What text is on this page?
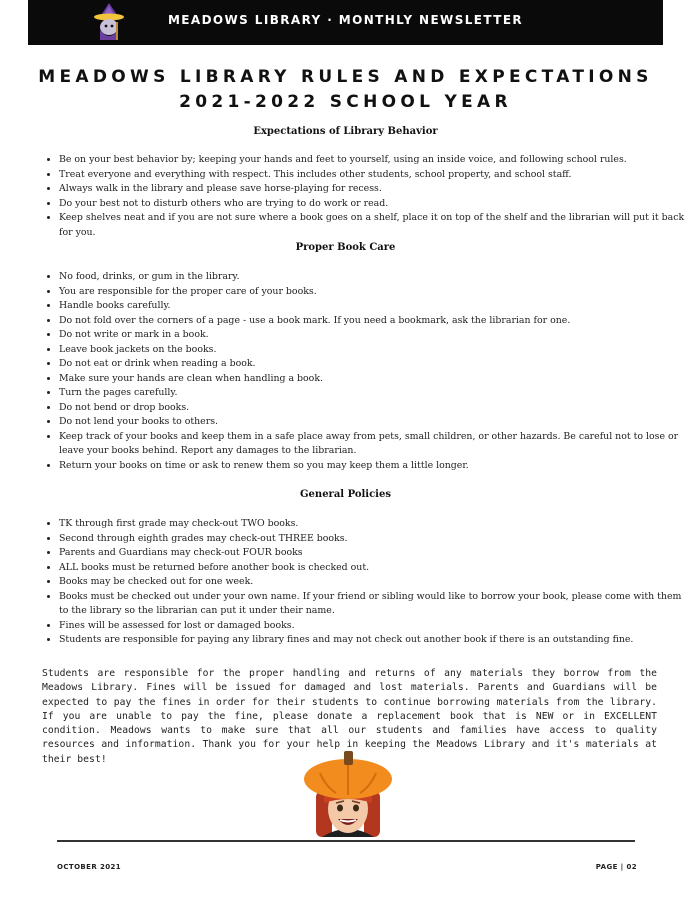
MEADOWS LIBRARY · MONTHLY NEWSLETTER
MEADOWS LIBRARY RULES AND EXPECTATIONS
2021-2022 SCHOOL YEAR
Expectations of Library Behavior
• Be on your best behavior by; keeping your hands and feet to yourself, using an inside voice, and following school rules.
• Treat everyone and everything with respect. This includes other students, school property, and school staff.
• Always walk in the library and please save horse-playing for recess.
• Do your best not to disturb others who are trying to do work or read.
• Keep shelves neat and if you are not sure where a book goes on a shelf, place it on top of the shelf and the librarian will put it back for you.
Proper Book Care
• No food, drinks, or gum in the library.
• You are responsible for the proper care of your books.
• Handle books carefully.
• Do not fold over the corners of a page - use a book mark. If you need a bookmark, ask the librarian for one.
• Do not write or mark in a book.
• Leave book jackets on the books.
• Do not eat or drink when reading a book.
• Make sure your hands are clean when handling a book.
• Turn the pages carefully.
• Do not bend or drop books.
• Do not lend your books to others.
• Keep track of your books and keep them in a safe place away from pets, small children, or other hazards. Be careful not to lose or leave your books behind. Report any damages to the librarian.
• Return your books on time or ask to renew them so you may keep them a little longer.
General Policies
• TK through first grade may check-out TWO books.
• Second through eighth grades may check-out THREE books.
• Parents and Guardians may check-out FOUR books
• ALL books must be returned before another book is checked out.
• Books may be checked out for one week.
• Books must be checked out under your own name. If your friend or sibling would like to borrow your book, please come with them to the library so the librarian can put it under their name.
• Fines will be assessed for lost or damaged books.
• Students are responsible for paying any library fines and may not check out another book if there is an outstanding fine.

Students are responsible for the proper handling and returns of any materials they borrow from the Meadows Library. Fines will be issued for damaged and lost materials. Parents and Guardians will be expected to pay the fines in order for their students to continue borrowing materials from the library. If you are unable to pay the fine, please donate a replacement book that is NEW or in EXCELLENT condition. Meadows wants to make sure that all our students and families have access to quality resources and information. Thank you for your help in keeping the Meadows Library and it's materials at their best!

OCTOBER 2021	PAGE | 02
